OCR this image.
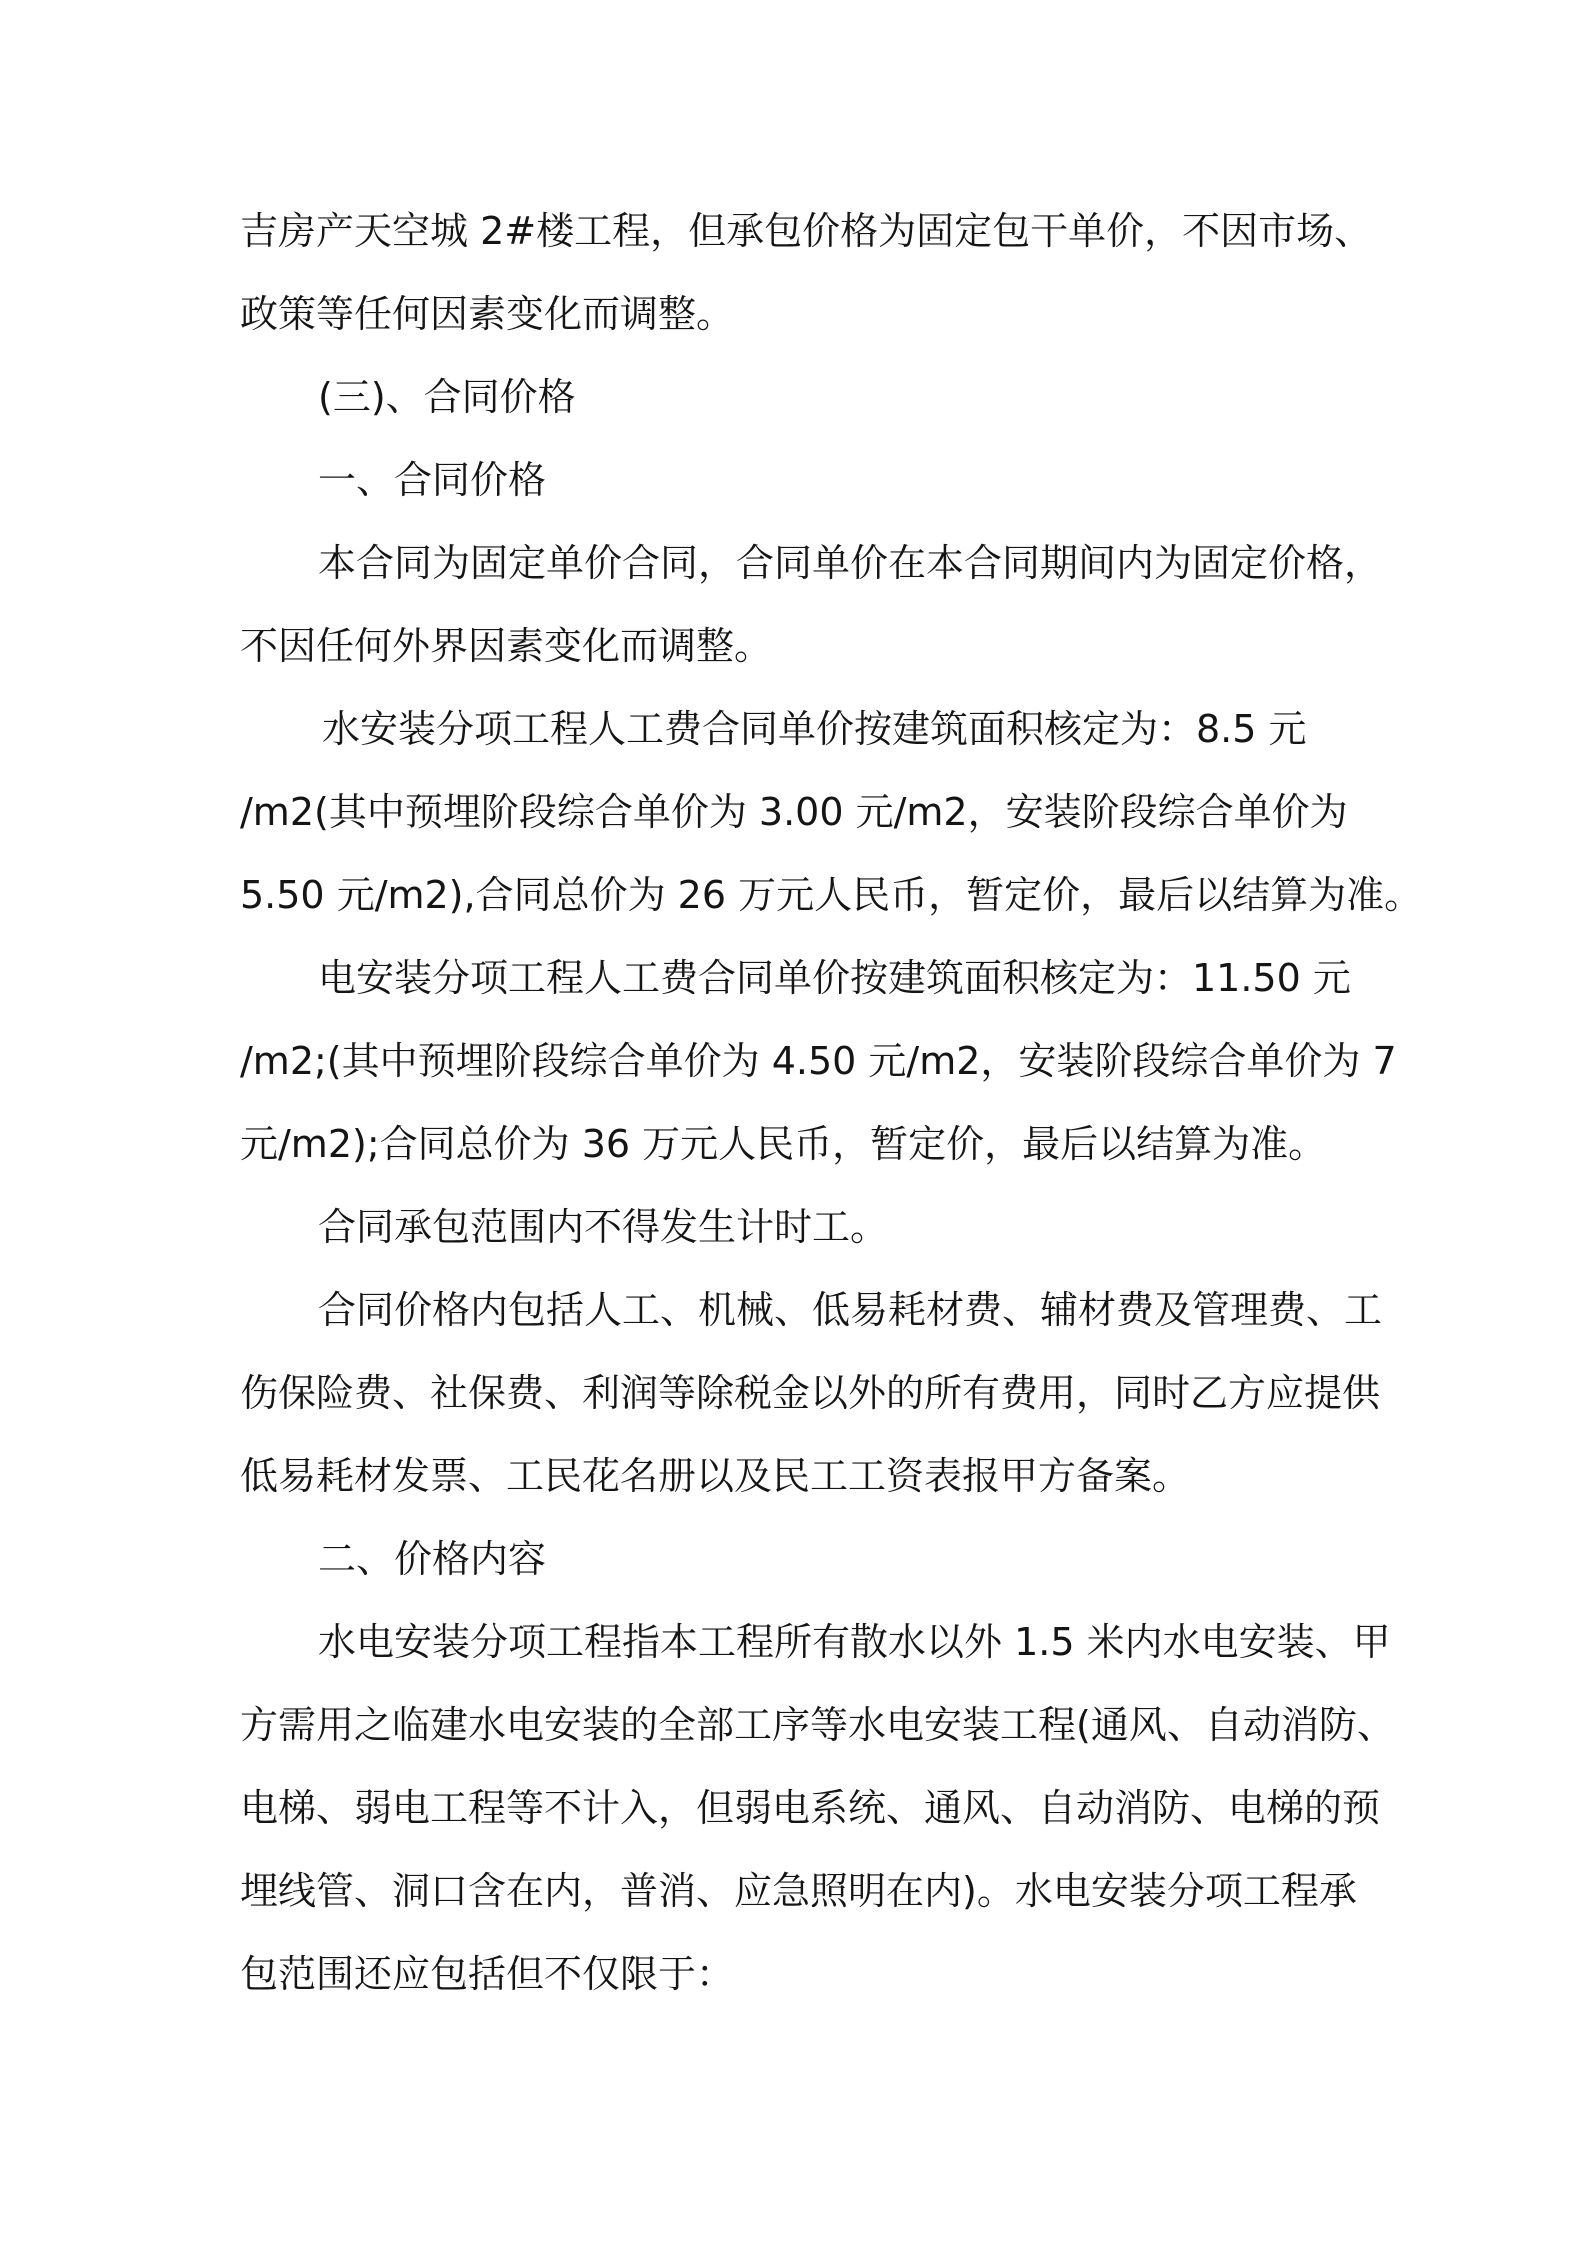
吉房产天空城 2#楼工程，但承包价格为固定包干单价，不因市场、
政策等任何因素变化而调整。
(三)、合同价格
一、合同价格
本合同为固定单价合同，合同单价在本合同期间内为固定价格，
不因任何外界因素变化而调整。
水安装分项工程人工费合同单价按建筑面积核定为：8.5 元
/m2(其中预埋阶段综合单价为 3.00 元/m2，安装阶段综合单价为
5.50 元/m2),合同总价为 26 万元人民币，暂定价，最后以结算为准。
电安装分项工程人工费合同单价按建筑面积核定为：11.50 元
/m2;(其中预埋阶段综合单价为 4.50 元/m2，安装阶段综合单价为 7
元/m2);合同总价为 36 万元人民币，暂定价，最后以结算为准。
合同承包范围内不得发生计时工。
合同价格内包括人工、机械、低易耗材费、辅材费及管理费、工
伤保险费、社保费、利润等除税金以外的所有费用，同时乙方应提供
低易耗材发票、工民花名册以及民工工资表报甲方备案。
二、价格内容
水电安装分项工程指本工程所有散水以外 1.5 米内水电安装、甲
方需用之临建水电安装的全部工序等水电安装工程(通风、自动消防、
电梯、弱电工程等不计入，但弱电系统、通风、自动消防、电梯的预
埋线管、洞口含在内，普消、应急照明在内)。水电安装分项工程承
包范围还应包括但不仅限于：
